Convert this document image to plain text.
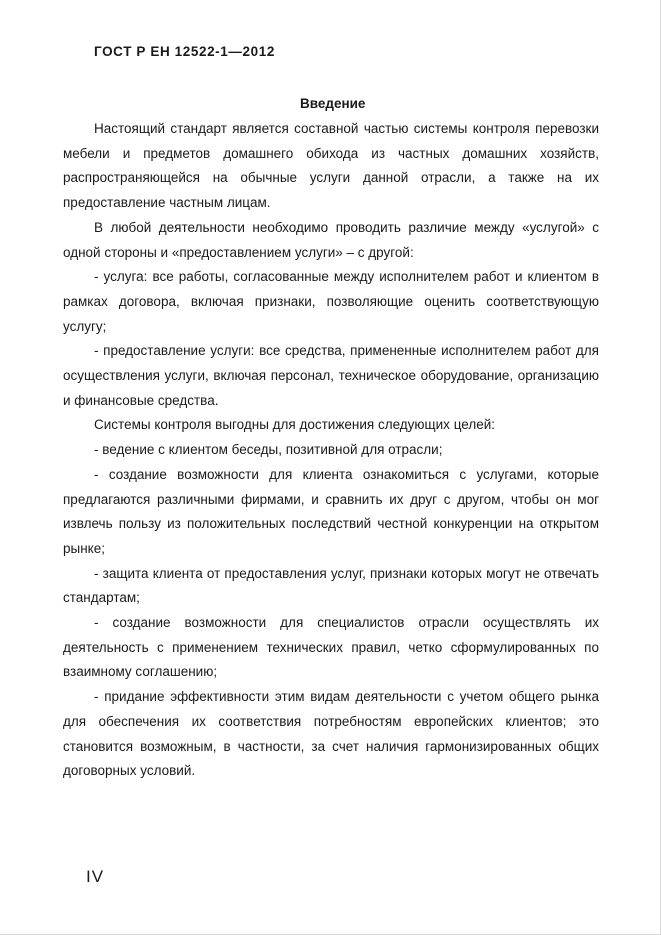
ГОСТ Р ЕН 12522-1—2012

Введение

Настоящий стандарт является составной частью системы контроля перевозки мебели и предметов домашнего обихода из частных домашних хозяйств, распространяющейся на обычные услуги данной отрасли, а также на их предоставление частным лицам.

В любой деятельности необходимо проводить различие между «услугой» с одной стороны и «предоставлением услуги» – с другой:

- услуга: все работы, согласованные между исполнителем работ и клиентом в рамках договора, включая признаки, позволяющие оценить соответствующую услугу;

- предоставление услуги: все средства, примененные исполнителем работ для осуществления услуги, включая персонал, техническое оборудование, организацию и финансовые средства.

Системы контроля выгодны для достижения следующих целей:

- ведение с клиентом беседы, позитивной для отрасли;

- создание возможности для клиента ознакомиться с услугами, которые предлагаются различными фирмами, и сравнить их друг с другом, чтобы он мог извлечь пользу из положительных последствий честной конкуренции на открытом рынке;

- защита клиента от предоставления услуг, признаки которых могут не отвечать стандартам;

- создание возможности для специалистов отрасли осуществлять их деятельность с применением технических правил, четко сформулированных по взаимному соглашению;

- придание эффективности этим видам деятельности с учетом общего рынка для обеспечения их соответствия потребностям европейских клиентов; это становится возможным, в частности, за счет наличия гармонизированных общих договорных условий.

IV
